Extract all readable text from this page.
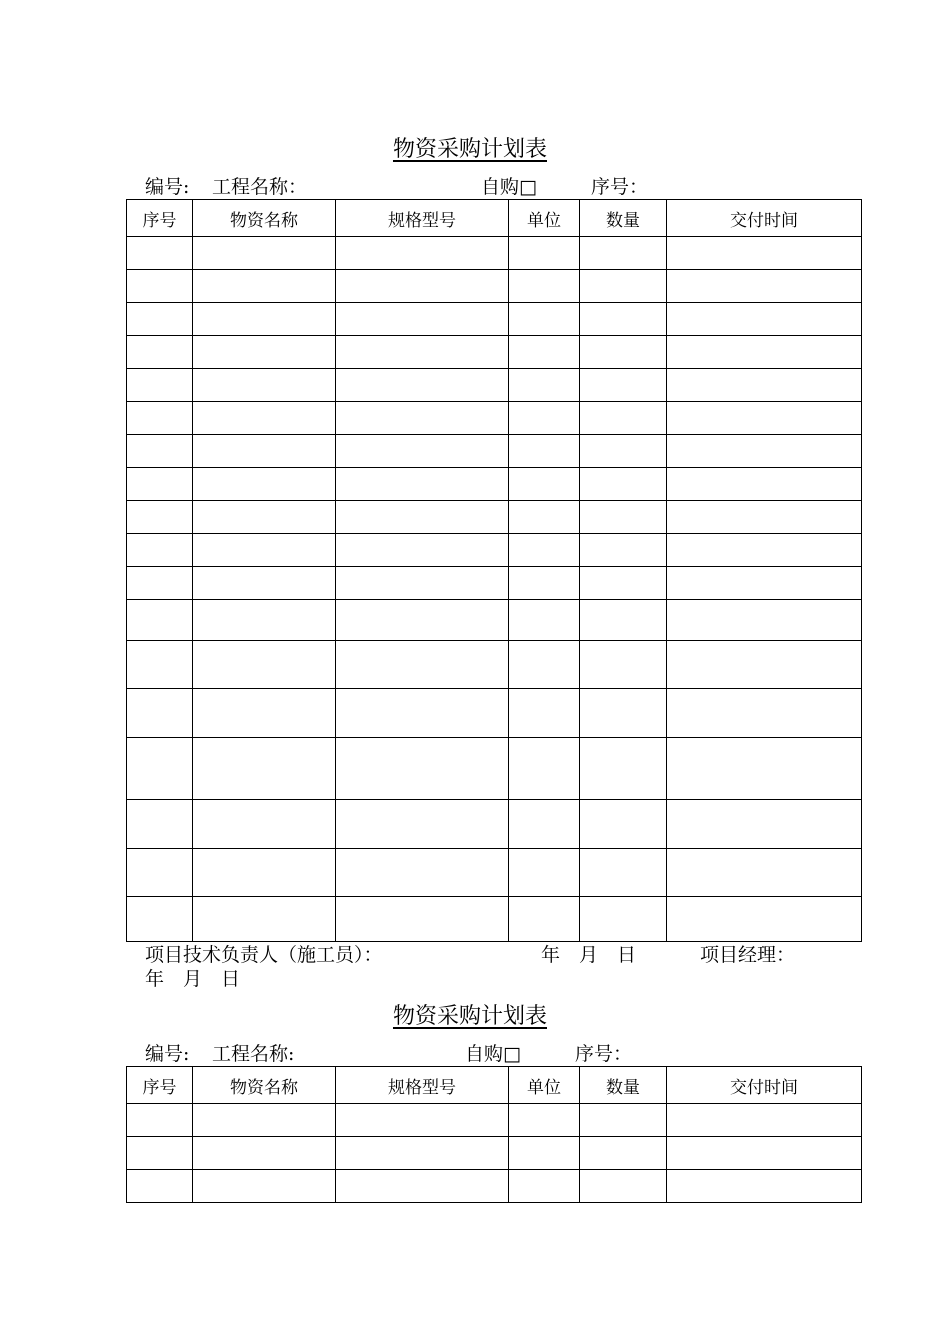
物资采购计划表
编号: 工程名称：	自购□	序号：
序号	物资名称	规格型号	单位	数量	交付时间

项目技术负责人（施工员）：	年　月　日	项目经理：
年　月　日
物资采购计划表
编号: 工程名称:	自购□	序号：
序号	物资名称	规格型号	单位	数量	交付时间
